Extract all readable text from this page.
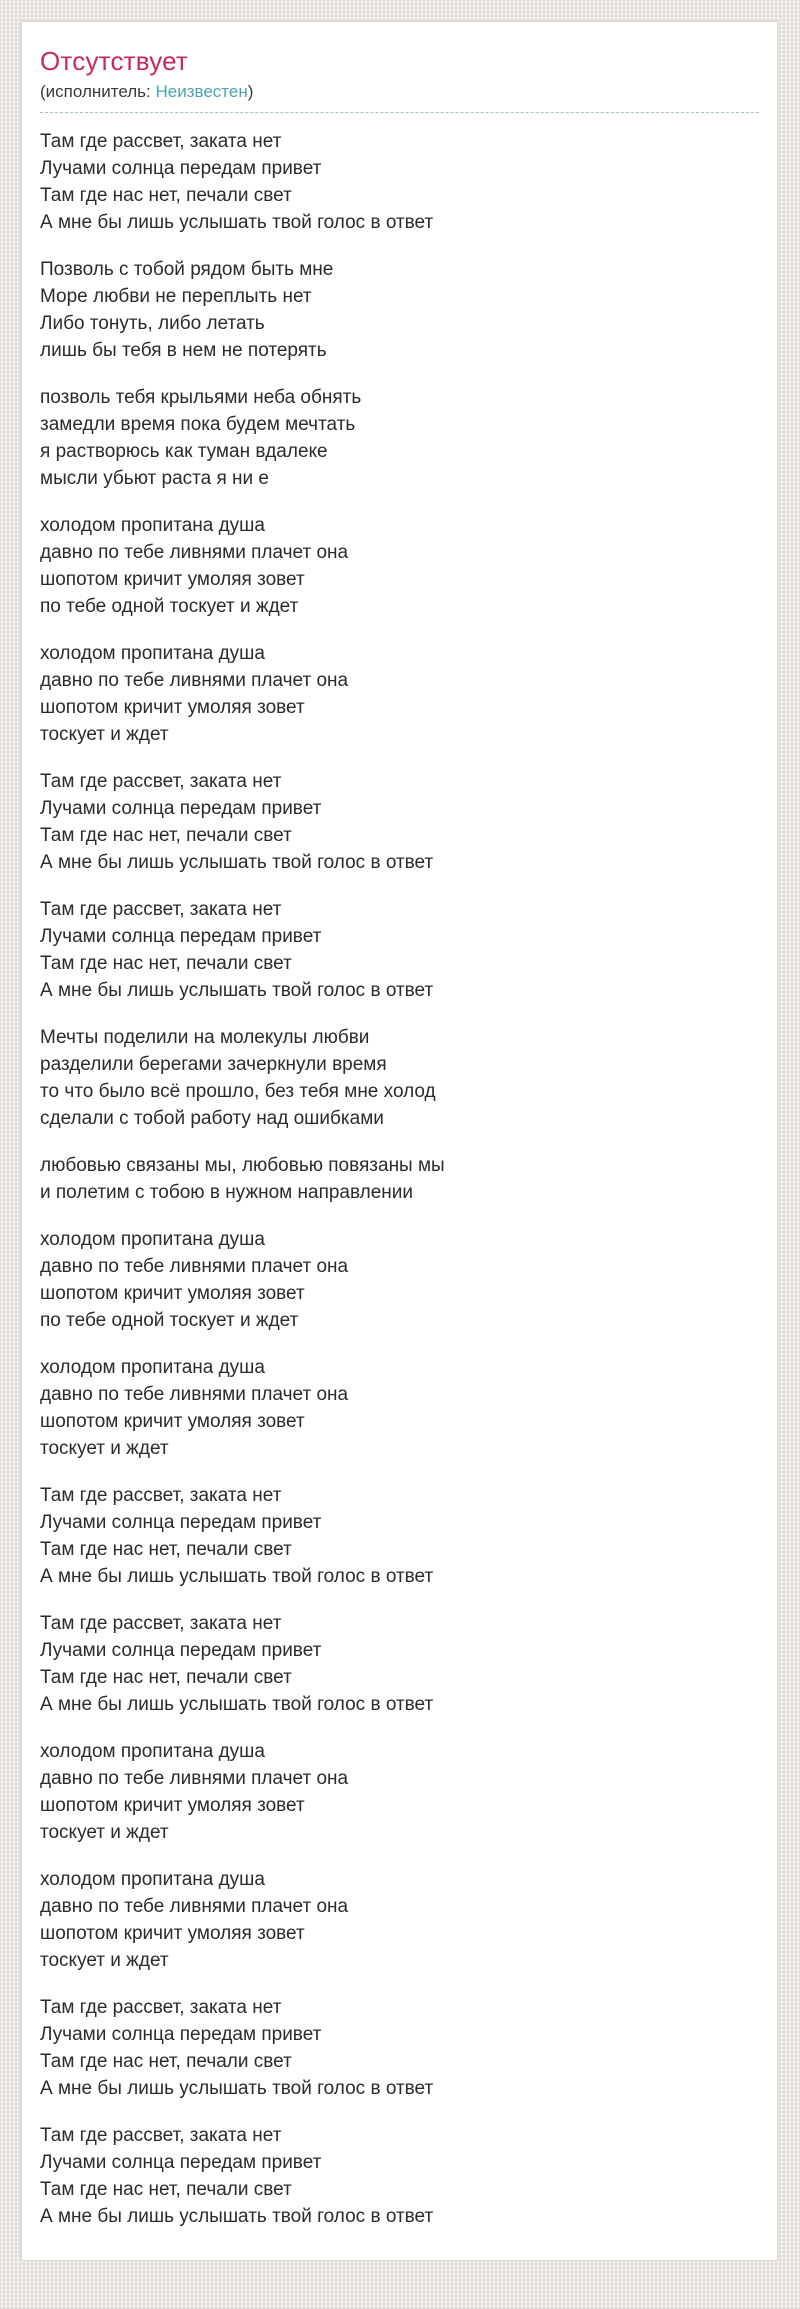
Отсутствует
(исполнитель: Неизвестен)

Там где рассвет, заката нет
Лучами солнца передам привет
Там где нас нет, печали свет
А мне бы лишь услышать твой голос в ответ

Позволь с тобой рядом быть мне
Море любви не переплыть нет
Либо тонуть, либо летать
лишь бы тебя в нем не потерять

позволь тебя крыльями неба обнять
замедли время пока будем мечтать
я растворюсь как туман вдалеке
мысли убьют раста я ни е

холодом пропитана душа
давно по тебе ливнями плачет она
шопотом кричит умоляя зовет
по тебе одной тоскует и ждет

холодом пропитана душа
давно по тебе ливнями плачет она
шопотом кричит умоляя зовет
тоскует и ждет

Там где рассвет, заката нет
Лучами солнца передам привет
Там где нас нет, печали свет
А мне бы лишь услышать твой голос в ответ

Там где рассвет, заката нет
Лучами солнца передам привет
Там где нас нет, печали свет
А мне бы лишь услышать твой голос в ответ

Мечты поделили на молекулы любви
разделили берегами зачеркнули время
то что было всё прошло, без тебя мне холод
сделали с тобой работу над ошибками

любовью связаны мы, любовью повязаны мы
и полетим с тобою в нужном направлении

холодом пропитана душа
давно по тебе ливнями плачет она
шопотом кричит умоляя зовет
по тебе одной тоскует и ждет

холодом пропитана душа
давно по тебе ливнями плачет она
шопотом кричит умоляя зовет
тоскует и ждет

Там где рассвет, заката нет
Лучами солнца передам привет
Там где нас нет, печали свет
А мне бы лишь услышать твой голос в ответ

Там где рассвет, заката нет
Лучами солнца передам привет
Там где нас нет, печали свет
А мне бы лишь услышать твой голос в ответ

холодом пропитана душа
давно по тебе ливнями плачет она
шопотом кричит умоляя зовет
тоскует и ждет

холодом пропитана душа
давно по тебе ливнями плачет она
шопотом кричит умоляя зовет
тоскует и ждет

Там где рассвет, заката нет
Лучами солнца передам привет
Там где нас нет, печали свет
А мне бы лишь услышать твой голос в ответ

Там где рассвет, заката нет
Лучами солнца передам привет
Там где нас нет, печали свет
А мне бы лишь услышать твой голос в ответ
